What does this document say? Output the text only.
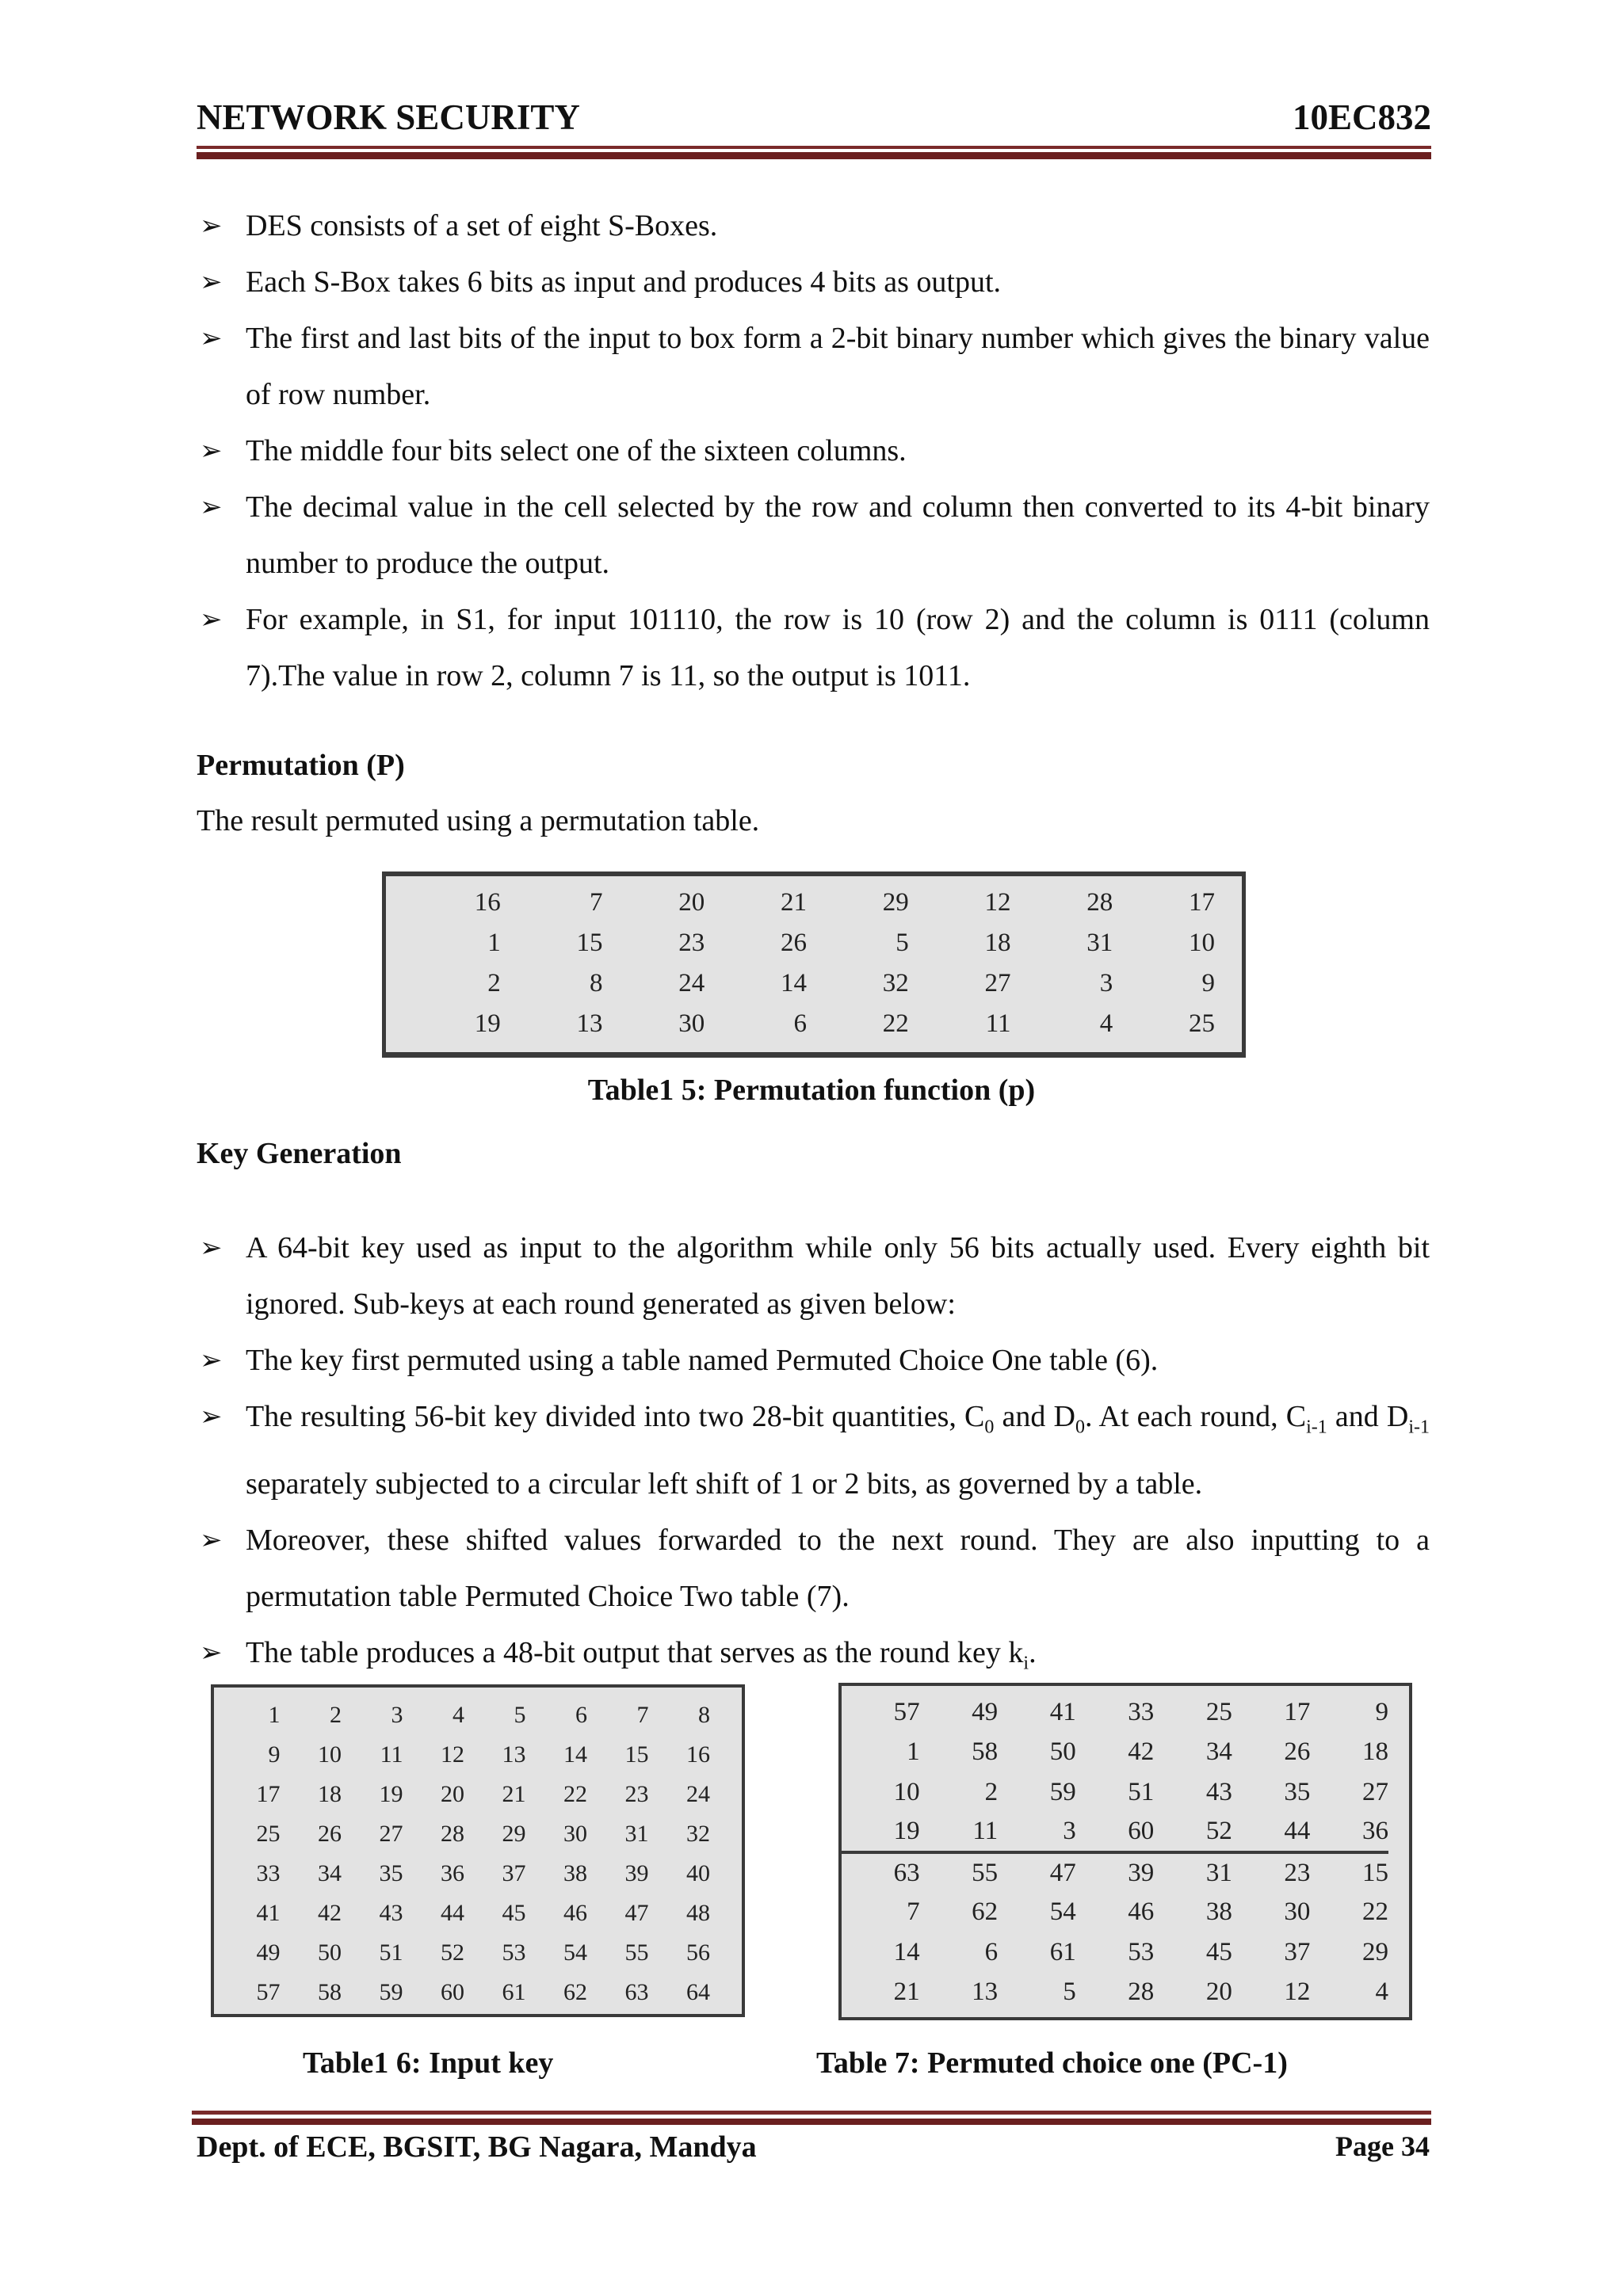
NETWORK SECURITY	10EC832
➢ DES consists of a set of eight S-Boxes.
➢ Each S-Box takes 6 bits as input and produces 4 bits as output.
➢ The first and last bits of the input to box form a 2-bit binary number which gives the binary value of row number.
➢ The middle four bits select one of the sixteen columns.
➢ The decimal value in the cell selected by the row and column then converted to its 4-bit binary number to produce the output.
➢ For example, in S1, for input 101110, the row is 10 (row 2) and the column is 0111 (column 7).The value in row 2, column 7 is 11, so the output is 1011.
Permutation (P)
The result permuted using a permutation table.
16	7	20	21	29	12	28	17
1	15	23	26	5	18	31	10
2	8	24	14	32	27	3	9
19	13	30	6	22	11	4	25
Table1 5: Permutation function (p)
Key Generation
➢ A 64-bit key used as input to the algorithm while only 56 bits actually used. Every eighth bit ignored. Sub-keys at each round generated as given below:
➢ The key first permuted using a table named Permuted Choice One table (6).
➢ The resulting 56-bit key divided into two 28-bit quantities, $C_0$ and $D_0$. At each round, $C_{i-1}$ and $D_{i-1}$ separately subjected to a circular left shift of 1 or 2 bits, as governed by a table.
➢ Moreover, these shifted values forwarded to the next round. They are also inputting to a permutation table Permuted Choice Two table (7).
➢ The table produces a 48-bit output that serves as the round key $k_i$.
1	2	3	4	5	6	7	8
9	10	11	12	13	14	15	16
17	18	19	20	21	22	23	24
25	26	27	28	29	30	31	32
33	34	35	36	37	38	39	40
41	42	43	44	45	46	47	48
49	50	51	52	53	54	55	56
57	58	59	60	61	62	63	64
57	49	41	33	25	17	9
1	58	50	42	34	26	18
10	2	59	51	43	35	27
19	11	3	60	52	44	36
63	55	47	39	31	23	15
7	62	54	46	38	30	22
14	6	61	53	45	37	29
21	13	5	28	20	12	4
Table1 6: Input key	Table 7: Permuted choice one (PC-1)
Dept. of ECE, BGSIT, BG Nagara, Mandya	Page 34
